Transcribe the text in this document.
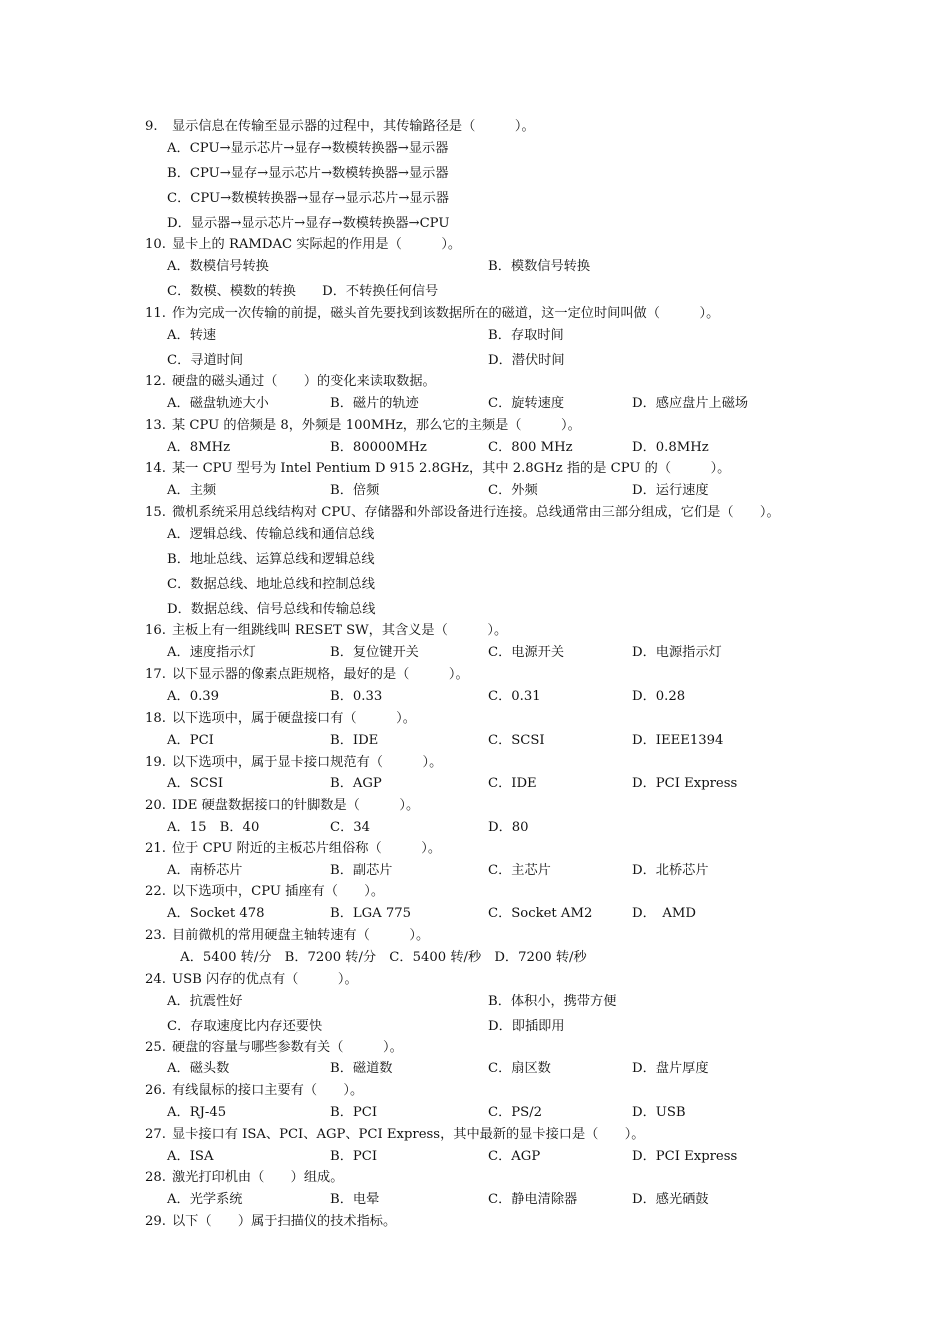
9. 显示信息在传输至显示器的过程中，其传输路径是（　　　）。
A．CPU→显示芯片→显存→数模转换器→显示器
B．CPU→显存→显示芯片→数模转换器→显示器
C．CPU→数模转换器→显存→显示芯片→显示器
D．显示器→显示芯片→显存→数模转换器→CPU
10. 显卡上的 RAMDAC 实际起的作用是（　　　）。
A．数模信号转换	B．模数信号转换
C．数模、模数的转换　　D．不转换任何信号
11. 作为完成一次传输的前提，磁头首先要找到该数据所在的磁道，这一定位时间叫做（　　　）。
A．转速	B．存取时间
C．寻道时间	D．潜伏时间
12. 硬盘的磁头通过（　　）的变化来读取数据。
A．磁盘轨迹大小	B．磁片的轨迹	C．旋转速度	D．感应盘片上磁场
13. 某 CPU 的倍频是 8，外频是 100MHz，那么它的主频是（　　　）。
A．8MHz	B．80000MHz	C．800 MHz	D．0.8MHz
14. 某一 CPU 型号为 Intel Pentium D 915 2.8GHz，其中 2.8GHz 指的是 CPU 的（　　　）。
A．主频	B．倍频	C．外频	D．运行速度
15. 微机系统采用总线结构对 CPU、存储器和外部设备进行连接。总线通常由三部分组成，它们是（　　）。
A．逻辑总线、传输总线和通信总线
B．地址总线、运算总线和逻辑总线
C．数据总线、地址总线和控制总线
D．数据总线、信号总线和传输总线
16. 主板上有一组跳线叫 RESET SW，其含义是（　　　）。
A．速度指示灯	B．复位键开关	C．电源开关	D．电源指示灯
17. 以下显示器的像素点距规格，最好的是（　　　）。
A．0.39	B．0.33	C．0.31	D．0.28
18. 以下选项中，属于硬盘接口有（　　　）。
A．PCI	B．IDE	C．SCSI	D．IEEE1394
19. 以下选项中，属于显卡接口规范有（　　　）。
A．SCSI	B．AGP	C．IDE	D．PCI Express
20. IDE 硬盘数据接口的针脚数是（　　　）。
A．15　B．40	C．34	D．80
21. 位于 CPU 附近的主板芯片组俗称（　　　）。
A．南桥芯片	B．副芯片	C．主芯片	D．北桥芯片
22. 以下选项中，CPU 插座有（　　）。
A．Socket 478	B．LGA 775	C．Socket AM2	D．　AMD
23. 目前微机的常用硬盘主轴转速有（　　　）。
　A．5400 转/分　B．7200 转/分　C．5400 转/秒　D．7200 转/秒
24. USB 闪存的优点有（　　　）。
A．抗震性好	B．体积小，携带方便
C．存取速度比内存还要快	D．即插即用
25. 硬盘的容量与哪些参数有关（　　　）。
A．磁头数	B．磁道数	C．扇区数	D．盘片厚度
26. 有线鼠标的接口主要有（　　）。
A．RJ-45	B．PCI	C．PS/2	D．USB
27. 显卡接口有 ISA、PCI、AGP、PCI Express，其中最新的显卡接口是（　　）。
A．ISA	B．PCI	C．AGP	D．PCI Express
28. 激光打印机由（　　）组成。
A．光学系统	B．电晕	C．静电清除器	D．感光硒鼓
29. 以下（　　）属于扫描仪的技术指标。
